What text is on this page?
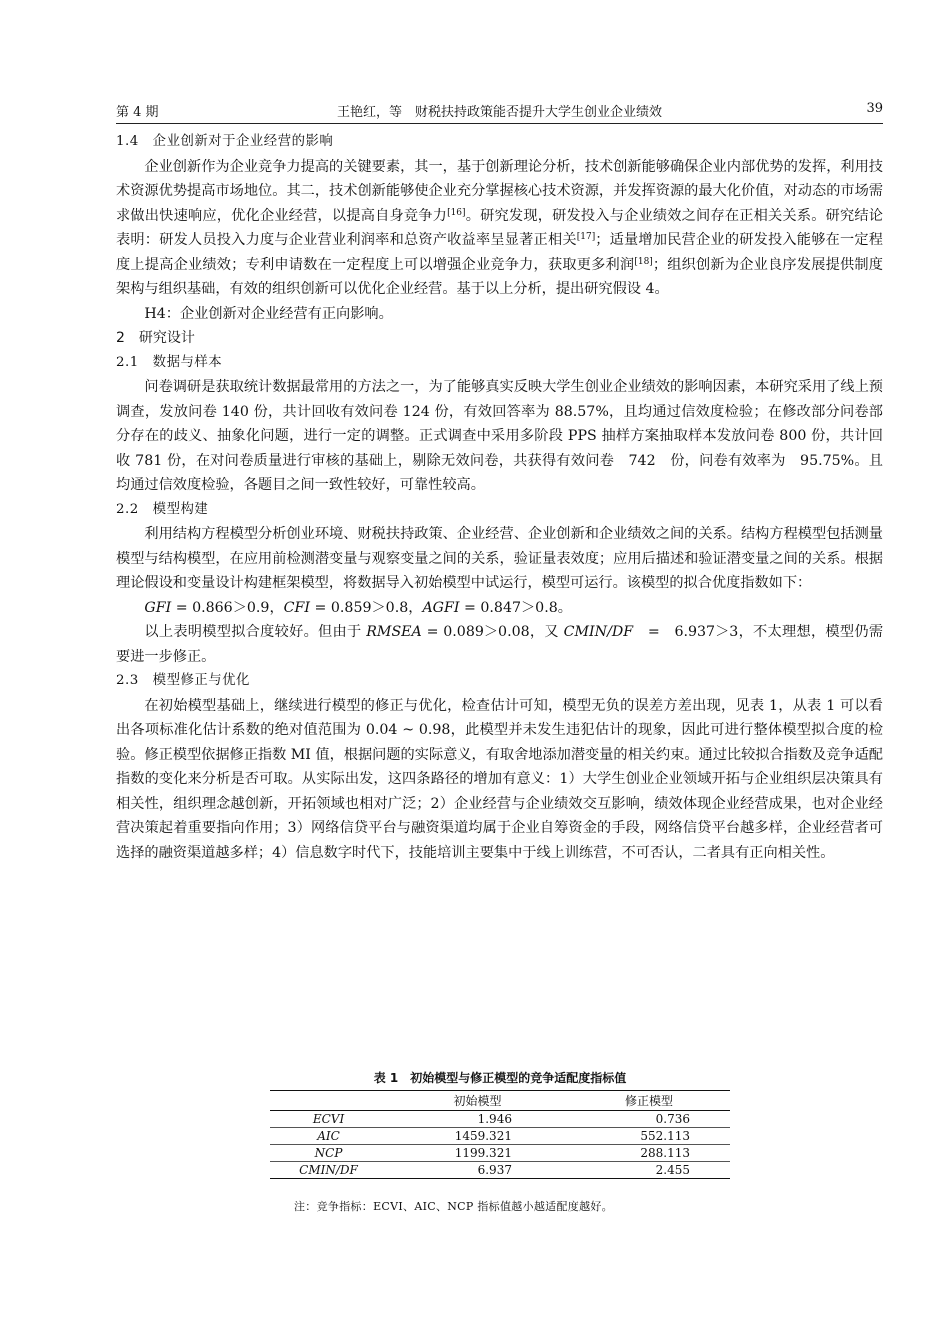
第 4 期	王艳红，等　财税扶持政策能否提升大学生创业企业绩效	39

1.4　企业创新对于企业经营的影响

企业创新作为企业竞争力提高的关键要素，其一，基于创新理论分析，技术创新能够确保企业内部优势的发挥，利用技术资源优势提高市场地位。其二，技术创新能够使企业充分掌握核心技术资源，并发挥资源的最大化价值，对动态的市场需求做出快速响应，优化企业经营，以提高自身竞争力[16]。研究发现，研发投入与企业绩效之间存在正相关关系。研究结论表明：研发人员投入力度与企业营业利润率和总资产收益率呈显著正相关[17]；适量增加民营企业的研发投入能够在一定程度上提高企业绩效；专利申请数在一定程度上可以增强企业竞争力，获取更多利润[18]；组织创新为企业良序发展提供制度架构与组织基础，有效的组织创新可以优化企业经营。基于以上分析，提出研究假设 4。

H4：企业创新对企业经营有正向影响。

2　研究设计

2.1　数据与样本

问卷调研是获取统计数据最常用的方法之一，为了能够真实反映大学生创业企业绩效的影响因素，本研究采用了线上预调查，发放问卷 140 份，共计回收有效问卷 124 份，有效回答率为 88.57%，且均通过信效度检验；在修改部分问卷部分存在的歧义、抽象化问题，进行一定的调整。正式调查中采用多阶段 PPS 抽样方案抽取样本发放问卷 800 份，共计回收 781 份，在对问卷质量进行审核的基础上，剔除无效问卷，共获得有效问卷　742　份，问卷有效率为　95.75%。且均通过信效度检验，各题目之间一致性较好，可靠性较高。

2.2　模型构建

利用结构方程模型分析创业环境、财税扶持政策、企业经营、企业创新和企业绩效之间的关系。结构方程模型包括测量模型与结构模型，在应用前检测潜变量与观察变量之间的关系，验证量表效度；应用后描述和验证潜变量之间的关系。根据理论假设和变量设计构建框架模型，将数据导入初始模型中试运行，模型可运行。该模型的拟合优度指数如下：

GFI = 0.866＞0.9，CFI = 0.859＞0.8，AGFI = 0.847＞0.8。

以上表明模型拟合度较好。但由于 RMSEA = 0.089＞0.08，又 CMIN/DF　=　6.937＞3，不太理想，模型仍需要进一步修正。

2.3　模型修正与优化

在初始模型基础上，继续进行模型的修正与优化，检查估计可知，模型无负的误差方差出现，见表 1，从表 1 可以看出各项标准化估计系数的绝对值范围为 0.04 ~ 0.98，此模型并未发生违犯估计的现象，因此可进行整体模型拟合度的检验。修正模型依据修正指数 MI 值，根据问题的实际意义，有取舍地添加潜变量的相关约束。通过比较拟合指数及竞争适配指数的变化来分析是否可取。从实际出发，这四条路径的增加有意义：1）大学生创业企业领域开拓与企业组织层决策具有相关性，组织理念越创新，开拓领域也相对广泛；2）企业经营与企业绩效交互影响，绩效体现企业经营成果，也对企业经营决策起着重要指向作用；3）网络信贷平台与融资渠道均属于企业自筹资金的手段，网络信贷平台越多样，企业经营者可选择的融资渠道越多样；4）信息数字时代下，技能培训主要集中于线上训练营，不可否认，二者具有正向相关性。

表 1　初始模型与修正模型的竞争适配度指标值
	初始模型	修正模型
ECVI	1.946	0.736
AIC	1459.321	552.113
NCP	1199.321	288.113
CMIN/DF	6.937	2.455
注：竞争指标：ECVI、AIC、NCP 指标值越小越适配度越好。
